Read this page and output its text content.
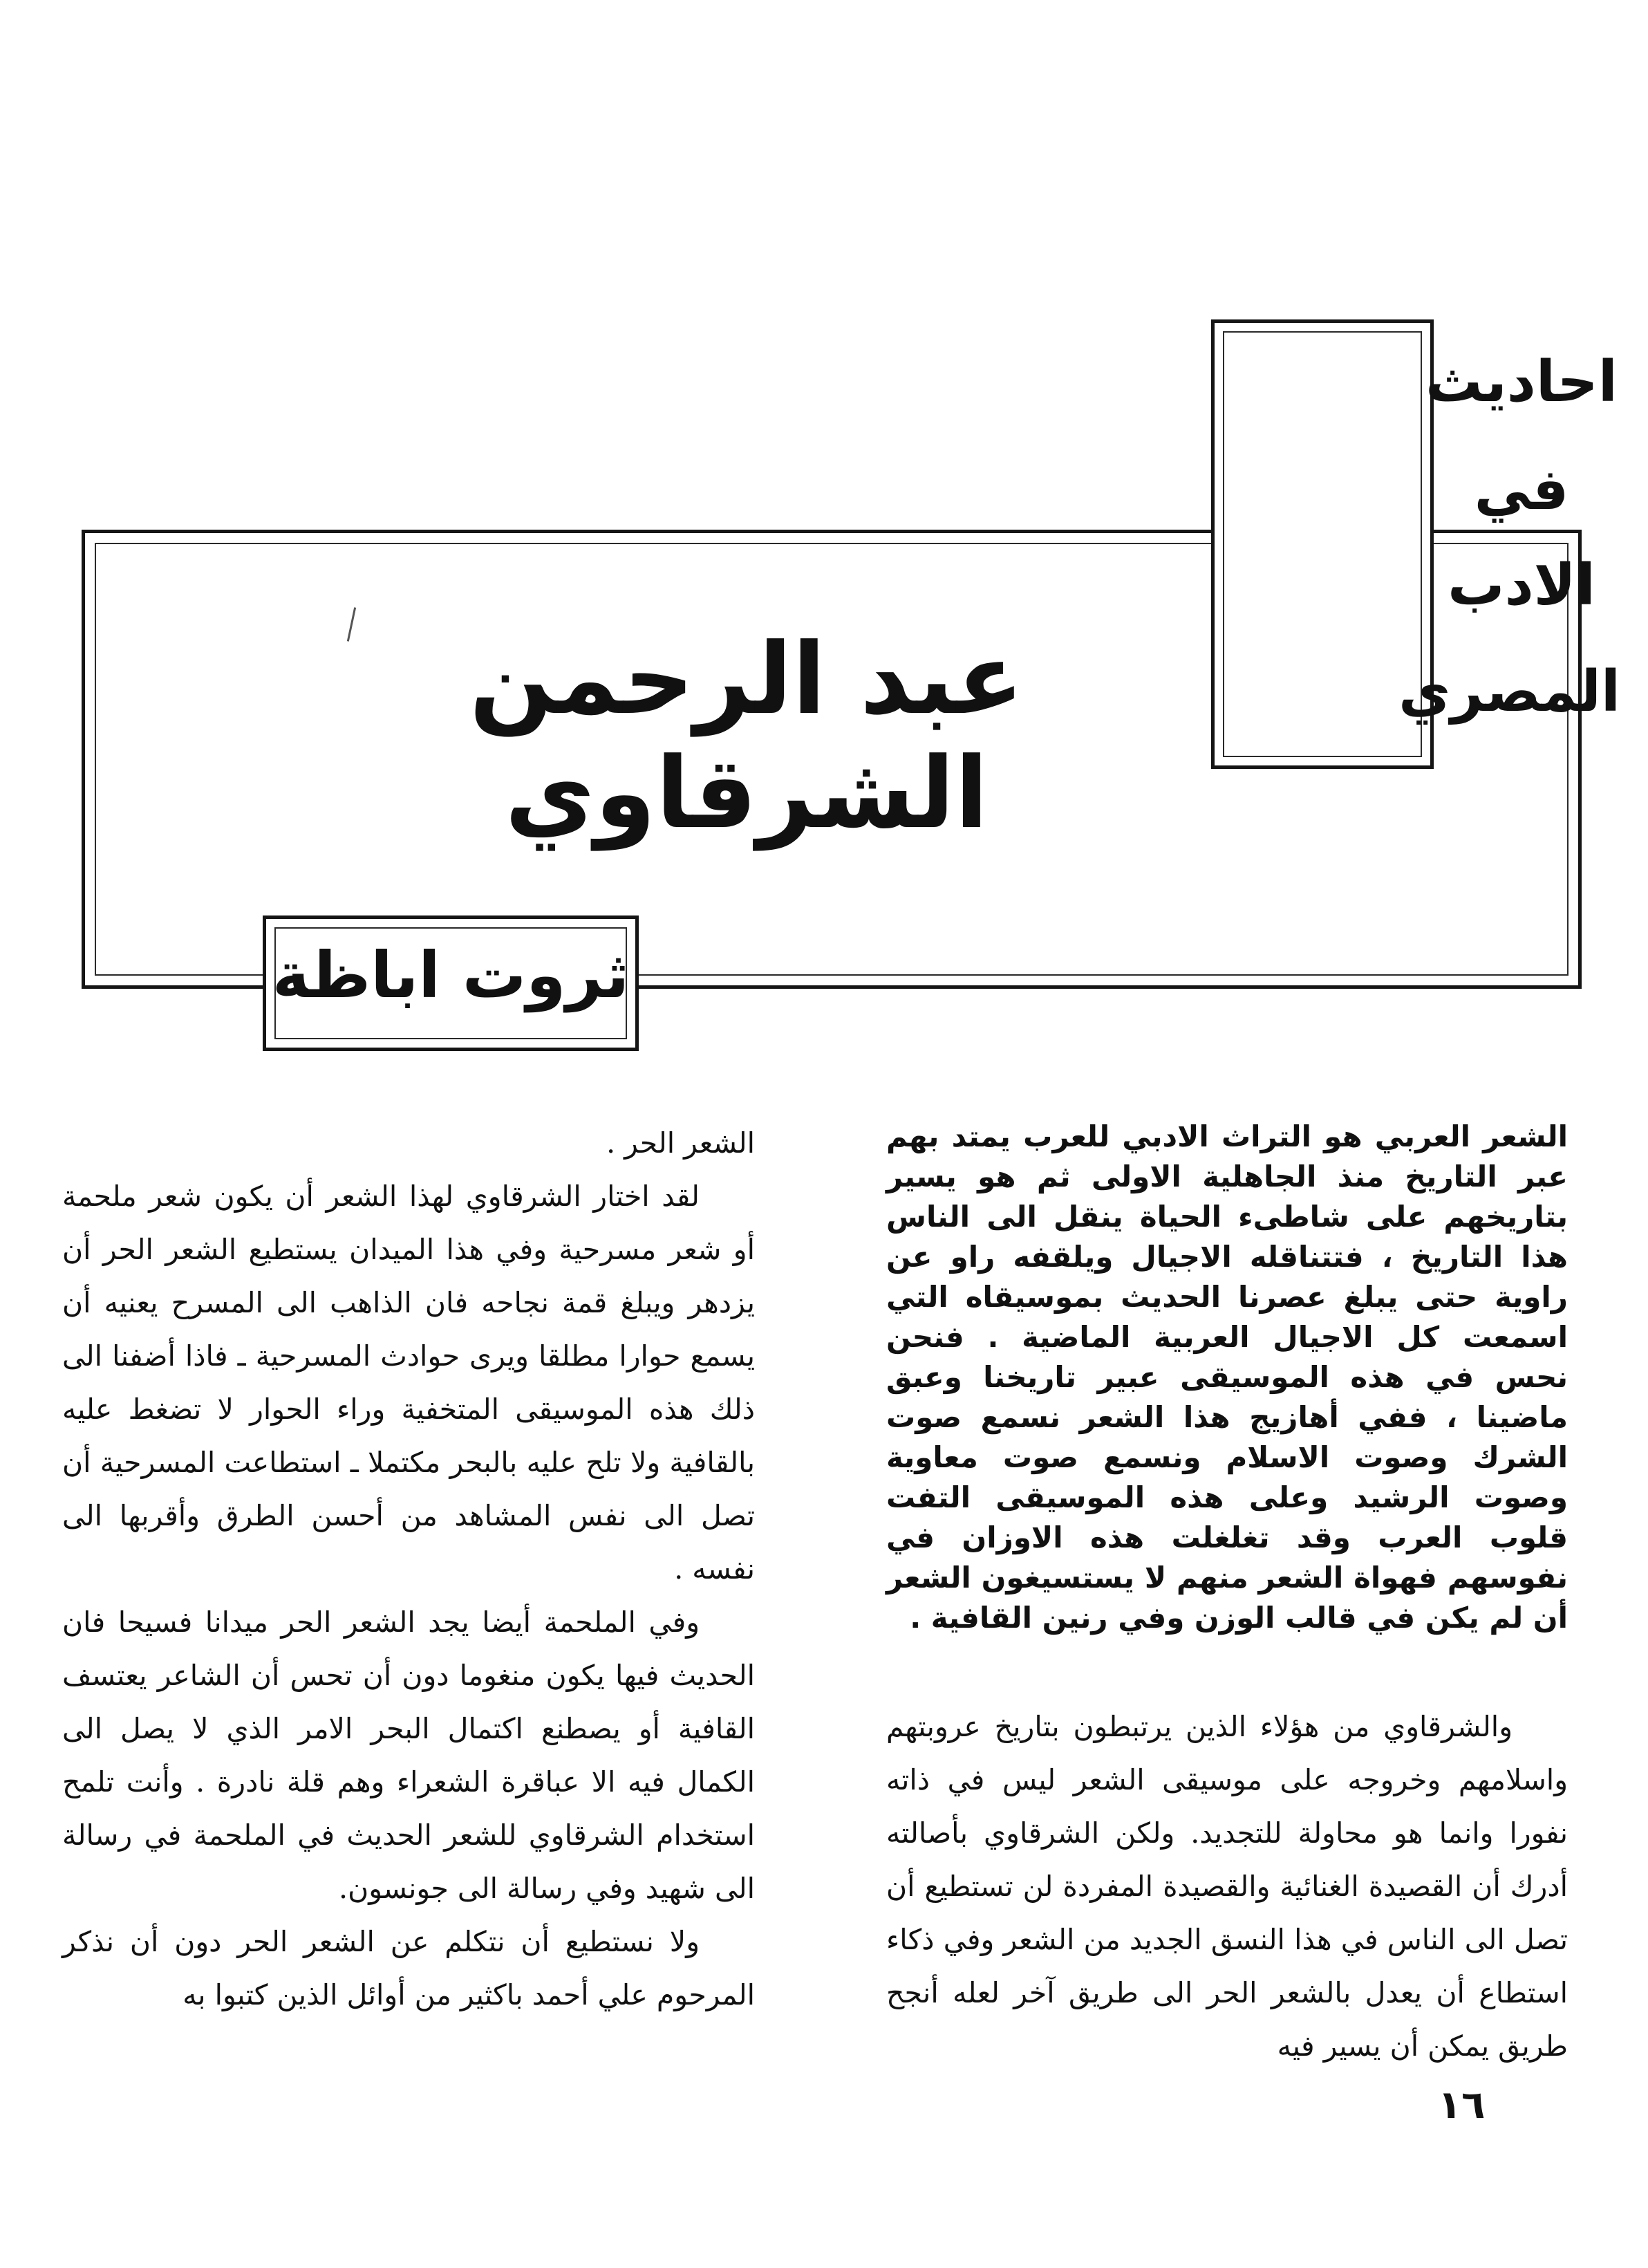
احاديث
في
الادب
المصري
عبد الرحمن الشرقاوي
ثروت اباظة

الشعر العربي هو التراث الادبي للعرب يمتد بهم عبر التاريخ منذ الجاهلية الاولى ثم هو يسير بتاريخهم على شاطىء الحياة ينقل الى الناس هذا التاريخ ، فتتناقله الاجيال ويلقفه راو عن راوية حتى يبلغ عصرنا الحديث بموسيقاه التي اسمعت كل الاجيال العربية الماضية . فنحن نحس في هذه الموسيقى عبير تاريخنا وعبق ماضينا ، ففي أهازيج هذا الشعر نسمع صوت الشرك وصوت الاسلام ونسمع صوت معاوية وصوت الرشيد وعلى هذه الموسيقى التفت قلوب العرب وقد تغلغلت هذه الاوزان في نفوسهم فهواة الشعر منهم لا يستسيغون الشعر أن لم يكن في قالب الوزن وفي رنين القافية .

والشرقاوي من هؤلاء الذين يرتبطون بتاريخ عروبتهم واسلامهم وخروجه على موسيقى الشعر ليس في ذاته نفورا وانما هو محاولة للتجديد. ولكن الشرقاوي بأصالته أدرك أن القصيدة الغنائية والقصيدة المفردة لن تستطيع أن تصل الى الناس في هذا النسق الجديد من الشعر وفي ذكاء استطاع أن يعدل بالشعر الحر الى طريق آخر لعله أنجح طريق يمكن أن يسير فيه

الشعر الحر .

لقد اختار الشرقاوي لهذا الشعر أن يكون شعر ملحمة أو شعر مسرحية وفي هذا الميدان يستطيع الشعر الحر أن يزدهر ويبلغ قمة نجاحه فان الذاهب الى المسرح يعنيه أن يسمع حوارا مطلقا ويرى حوادث المسرحية ـ فاذا أضفنا الى ذلك هذه الموسيقى المتخفية وراء الحوار لا تضغط عليه بالقافية ولا تلح عليه بالبحر مكتملا ـ استطاعت المسرحية أن تصل الى نفس المشاهد من أحسن الطرق وأقربها الى نفسه .

وفي الملحمة أيضا يجد الشعر الحر ميدانا فسيحا فان الحديث فيها يكون منغوما دون أن تحس أن الشاعر يعتسف القافية أو يصطنع اكتمال البحر الامر الذي لا يصل الى الكمال فيه الا عباقرة الشعراء وهم قلة نادرة . وأنت تلمح استخدام الشرقاوي للشعر الحديث في الملحمة في رسالة الى شهيد وفي رسالة الى جونسون.

ولا نستطيع أن نتكلم عن الشعر الحر دون أن نذكر المرحوم علي أحمد باكثير من أوائل الذين كتبوا به

١٦
